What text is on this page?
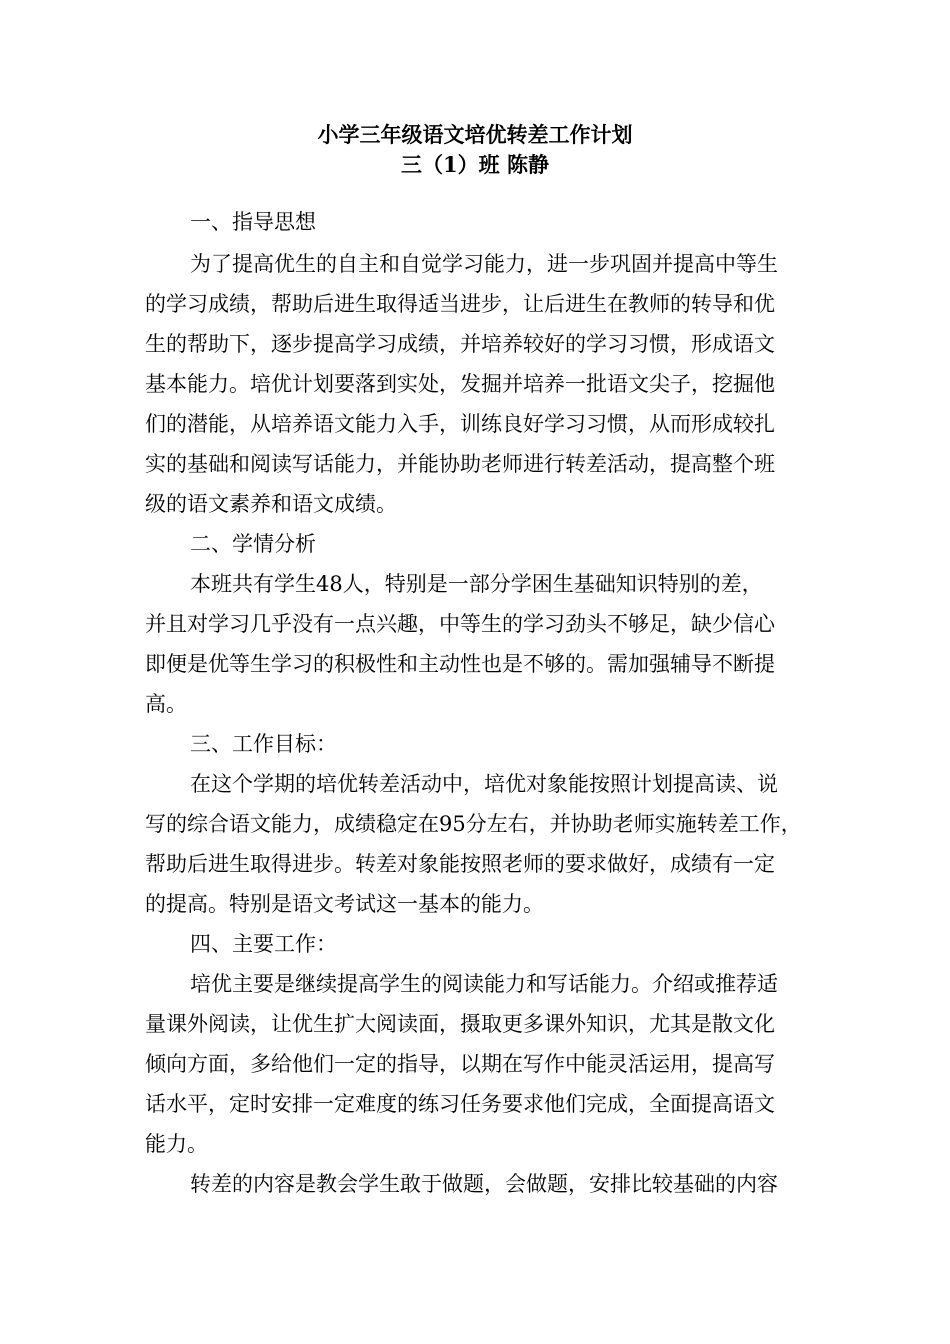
小学三年级语文培优转差工作计划
三（1）班 陈静
一、指导思想
为了提高优生的自主和自觉学习能力，进一步巩固并提高中等生
的学习成绩，帮助后进生取得适当进步，让后进生在教师的转导和优
生的帮助下，逐步提高学习成绩，并培养较好的学习习惯，形成语文
基本能力。培优计划要落到实处，发掘并培养一批语文尖子，挖掘他
们的潜能，从培养语文能力入手，训练良好学习习惯，从而形成较扎
实的基础和阅读写话能力，并能协助老师进行转差活动，提高整个班
级的语文素养和语文成绩。
二、学情分析
本班共有学生48人，特别是一部分学困生基础知识特别的差，
并且对学习几乎没有一点兴趣，中等生的学习劲头不够足，缺少信心
即便是优等生学习的积极性和主动性也是不够的。需加强辅导不断提
高。
三、工作目标：
在这个学期的培优转差活动中，培优对象能按照计划提高读、说
写的综合语文能力，成绩稳定在95分左右，并协助老师实施转差工作，
帮助后进生取得进步。转差对象能按照老师的要求做好，成绩有一定
的提高。特别是语文考试这一基本的能力。
四、主要工作：
培优主要是继续提高学生的阅读能力和写话能力。介绍或推荐适
量课外阅读，让优生扩大阅读面，摄取更多课外知识，尤其是散文化
倾向方面，多给他们一定的指导，以期在写作中能灵活运用，提高写
话水平，定时安排一定难度的练习任务要求他们完成，全面提高语文
能力。
转差的内容是教会学生敢于做题，会做题，安排比较基础的内容
